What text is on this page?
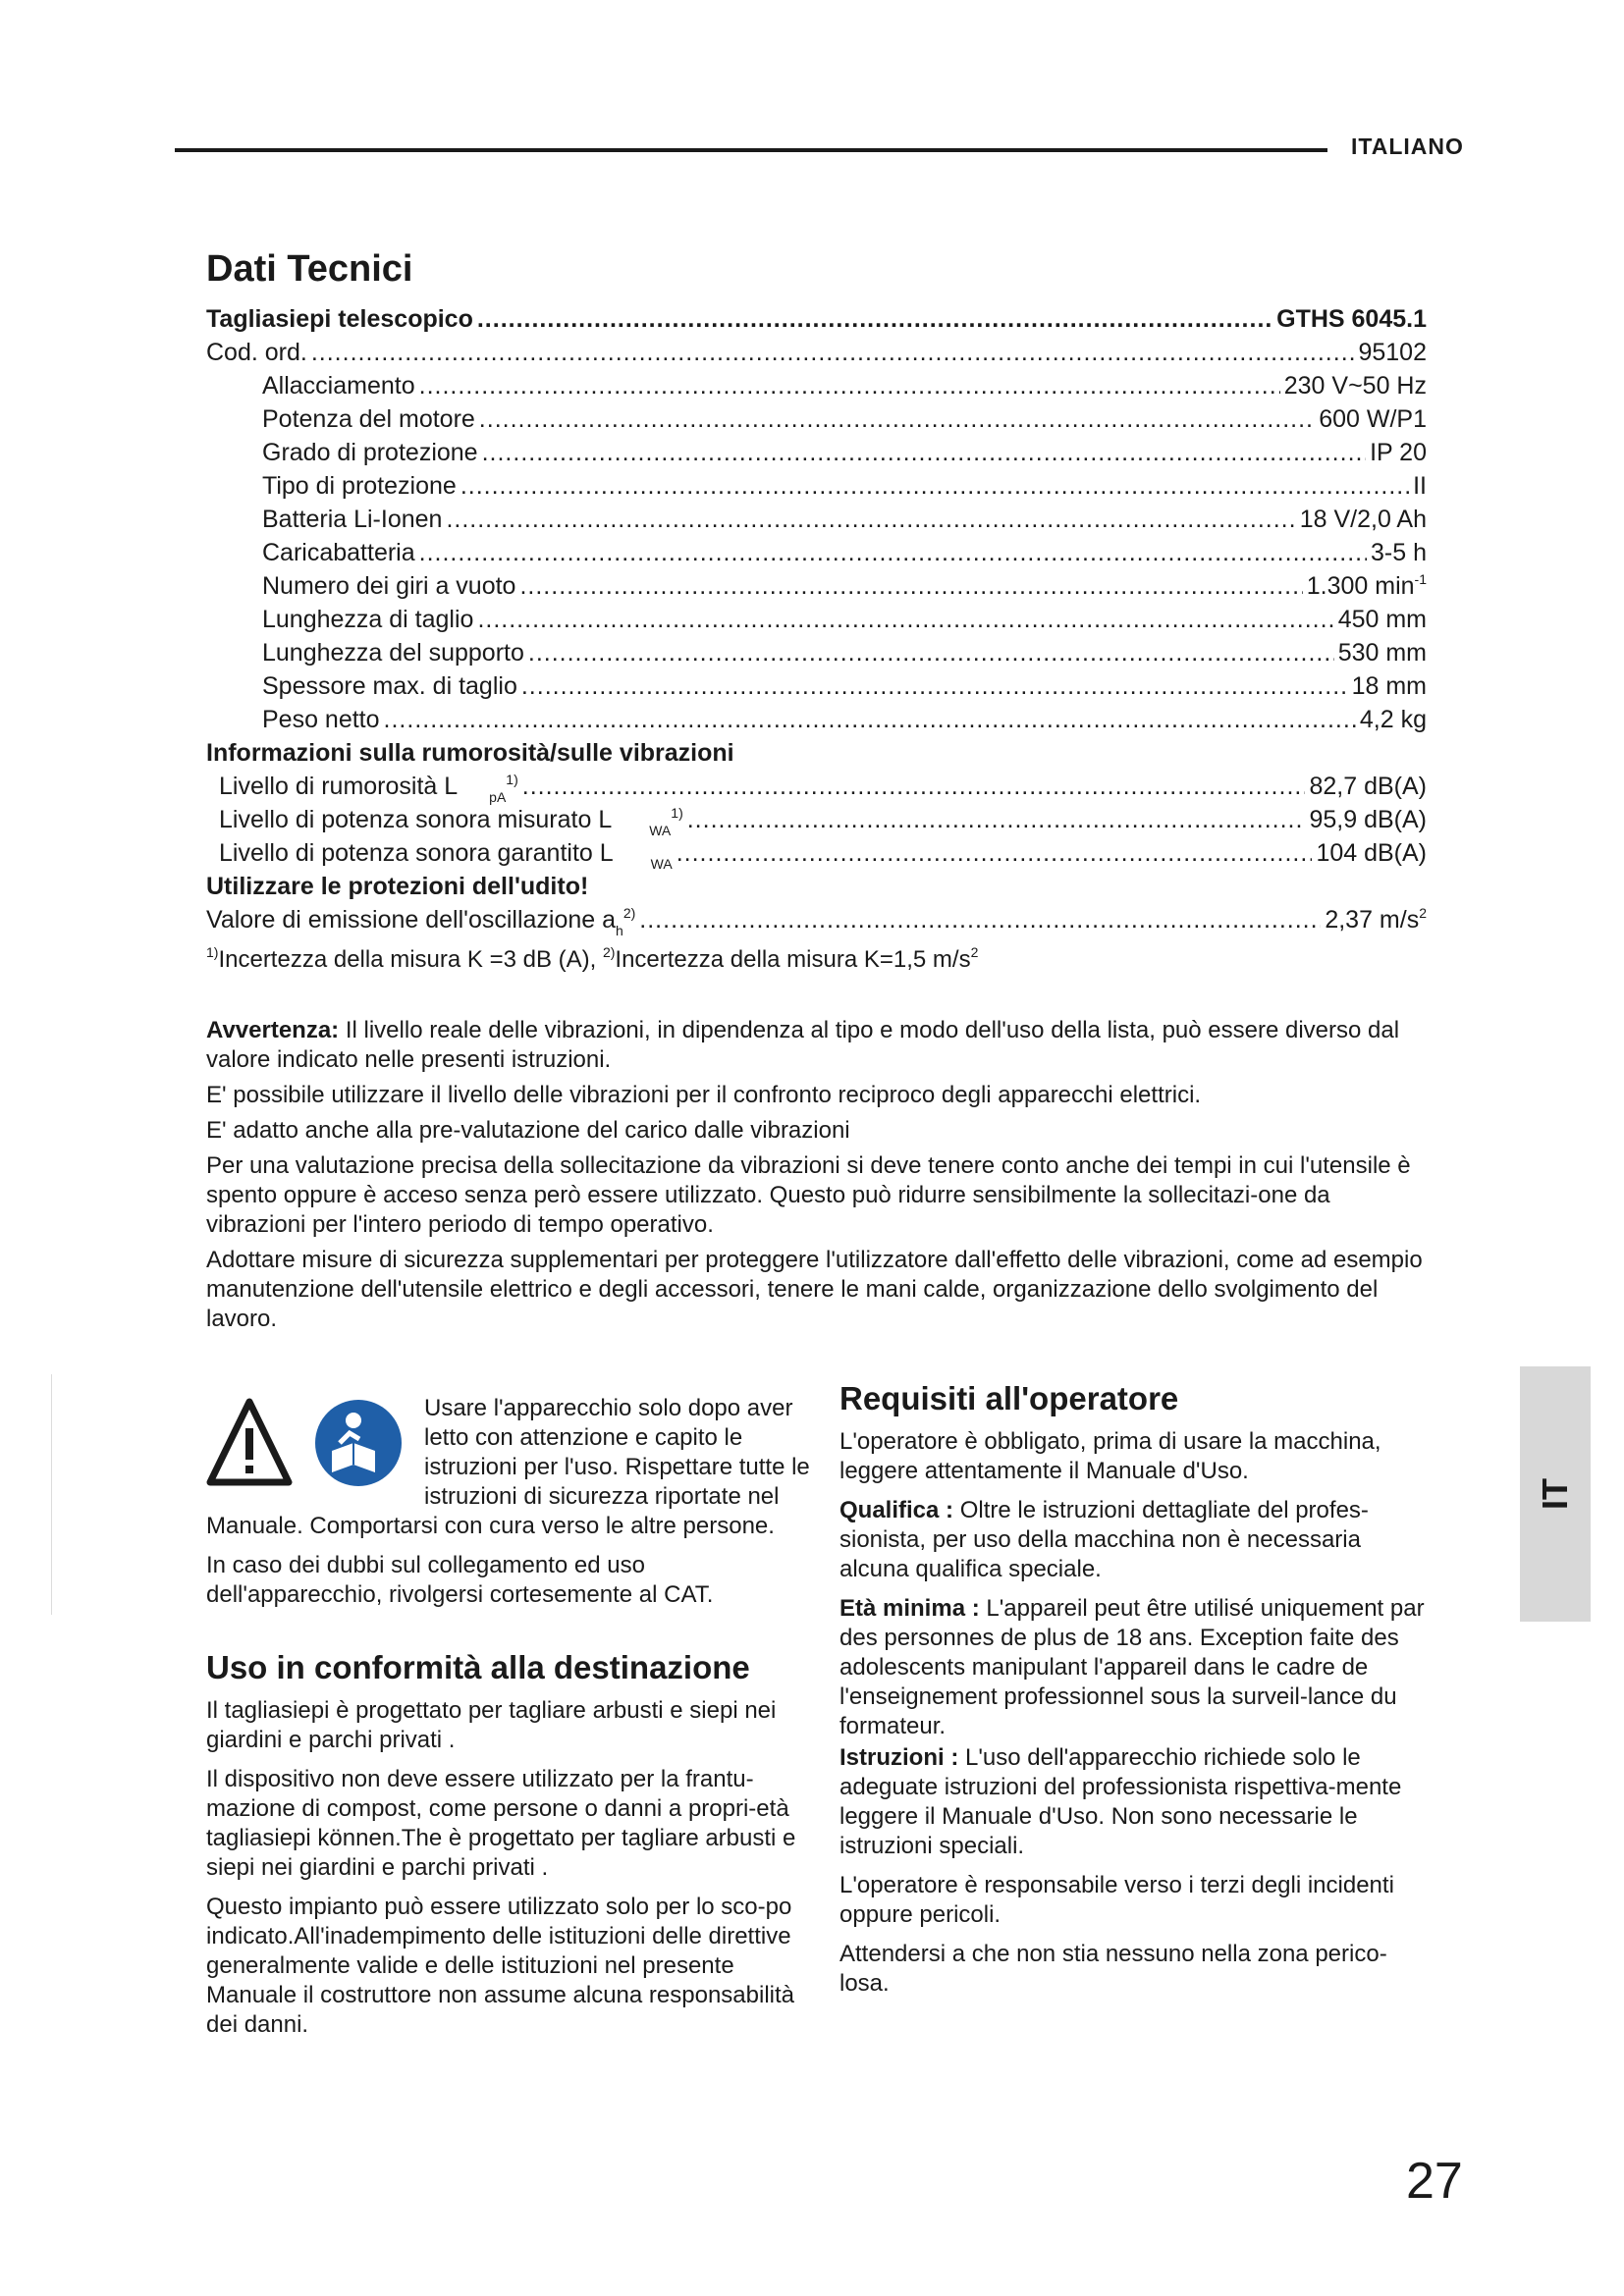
ITALIANO
Dati Tecnici
Tagliasiepi telescopico .....	GTHS 6045.1
Cod. ord. .....	95102
Allacciamento .....	230 V~50 Hz
Potenza del motore .....	600 W/P1
Grado di protezione .....	IP 20
Tipo di protezione .....	II
Batteria Li-Ionen .....	18 V/2,0 Ah
Caricabatteria .....	3-5 h
Numero dei giri a vuoto .....	1.300 $\min^{-1}$
Lunghezza di taglio .....	450 mm
Lunghezza del supporto .....	530 mm
Spessore max. di taglio .....	18 mm
Peso netto .....	4,2 kg
Informazioni sulla rumorosità/sulle vibrazioni
Livello di rumorosità L $_{pA}^{1)}$ .....	82,7 dB(A)
Livello di potenza sonora misurato L	$_{WA}^{1)}$ .....	95,9 dB(A)
Livello di potenza sonora garantito L	$_{WA}$ .....	104 dB(A)
Utilizzare le protezioni dell'udito!
Valore di emissione dell'oscillazione $a_h^{2)}$ .....	2,37 $m/s^2$
$^{1)}$Incertezza della misura K =3 dB (A), $^{2)}$Incertezza della misura K=1,5 $m/s^2$

Avvertenza: Il livello reale delle vibrazioni, in dipendenza al tipo e modo dell'uso della lista, può essere diverso dal valore indicato nelle presenti istruzioni.

E' possibile utilizzare il livello delle vibrazioni per il confronto reciproco degli apparecchi elettrici.

E' adatto anche alla pre-valutazione del carico dalle vibrazioni

Per una valutazione precisa della sollecitazione da vibrazioni si deve tenere conto anche dei tempi in cui l'utensile è spento oppure è acceso senza però essere utilizzato. Questo può ridurre sensibilmente la sollecitazi-one da vibrazioni per l'intero periodo di tempo operativo.

Adottare misure di sicurezza supplementari per proteggere l'utilizzatore dall'effetto delle vibrazioni, come ad esempio manutenzione dell'utensile elettrico e degli accessori, tenere le mani calde, organizzazione dello svolgimento del lavoro.

Usare l'apparecchio solo dopo aver letto con attenzione e capito le istruzioni per l'uso. Rispettare tutte le istruzioni di sicurezza riportate nel Manuale. Comportarsi con cura verso le altre persone.

In caso dei dubbi sul collegamento ed uso dell'apparecchio, rivolgersi cortesemente al CAT.

Uso in conformità alla destinazione

Il tagliasiepi è progettato per tagliare arbusti e siepi nei giardini e parchi privati .

Il dispositivo non deve essere utilizzato per la frantu-mazione di compost, come persone o danni a propri-età tagliasiepi können.The è progettato per tagliare arbusti e siepi nei giardini e parchi privati .

Questo impianto può essere utilizzato solo per lo sco-po indicato.All'inadempimento delle istituzioni delle direttive generalmente valide e delle istituzioni nel presente Manuale il costruttore non assume alcuna responsabilità dei danni.

Requisiti all'operatore

L'operatore è obbligato, prima di usare la macchina, leggere attentamente il Manuale d'Uso.

Qualifica : Oltre le istruzioni dettagliate del profes-sionista, per uso della macchina non è necessaria alcuna qualifica speciale.

Età minima : L'appareil peut être utilisé uniquement par des personnes de plus de 18 ans. Exception faite des adolescents manipulant l'appareil dans le cadre de l'enseignement professionnel sous la surveil-lance du formateur.

Istruzioni : L'uso dell'apparecchio richiede solo le adeguate istruzioni del professionista rispettiva-mente leggere il Manuale d'Uso. Non sono necessarie le istruzioni speciali.

L'operatore è responsabile verso i terzi degli incidenti oppure pericoli.

Attendersi a che non stia nessuno nella zona perico-losa.

IT
27
